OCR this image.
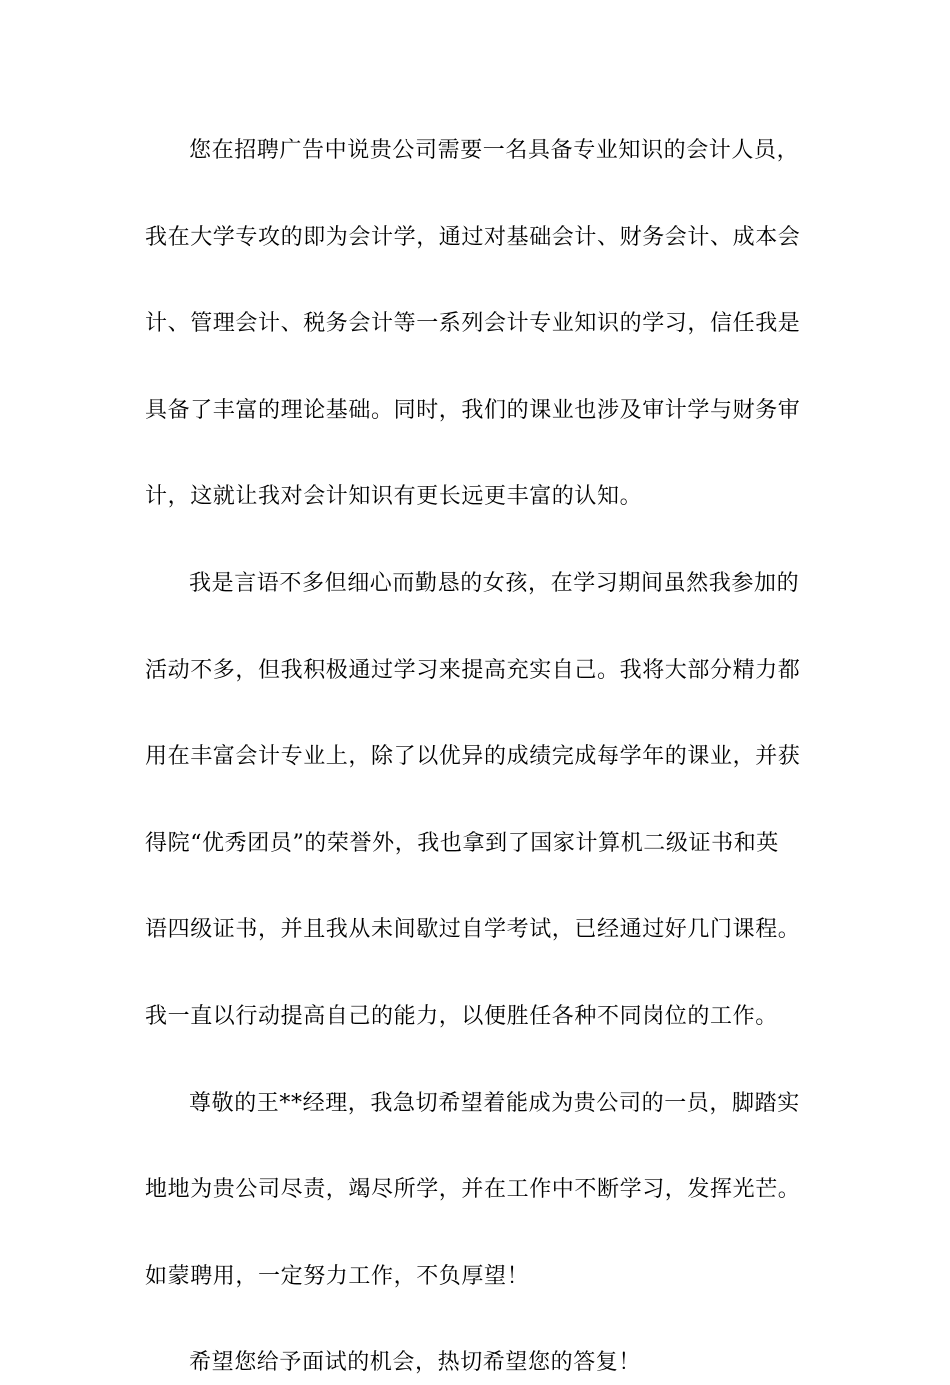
您在招聘广告中说贵公司需要一名具备专业知识的会计人员，
我在大学专攻的即为会计学，通过对基础会计、财务会计、成本会
计、管理会计、税务会计等一系列会计专业知识的学习，信任我是
具备了丰富的理论基础。同时，我们的课业也涉及审计学与财务审
计，这就让我对会计知识有更长远更丰富的认知。
我是言语不多但细心而勤恳的女孩，在学习期间虽然我参加的
活动不多，但我积极通过学习来提高充实自己。我将大部分精力都
用在丰富会计专业上，除了以优异的成绩完成每学年的课业，并获
得院“优秀团员”的荣誉外，我也拿到了国家计算机二级证书和英
语四级证书，并且我从未间歇过自学考试，已经通过好几门课程。
我一直以行动提高自己的能力，以便胜任各种不同岗位的工作。
尊敬的王**经理，我急切希望着能成为贵公司的一员，脚踏实
地地为贵公司尽责，竭尽所学，并在工作中不断学习，发挥光芒。
如蒙聘用，一定努力工作，不负厚望！
希望您给予面试的机会，热切希望您的答复！
